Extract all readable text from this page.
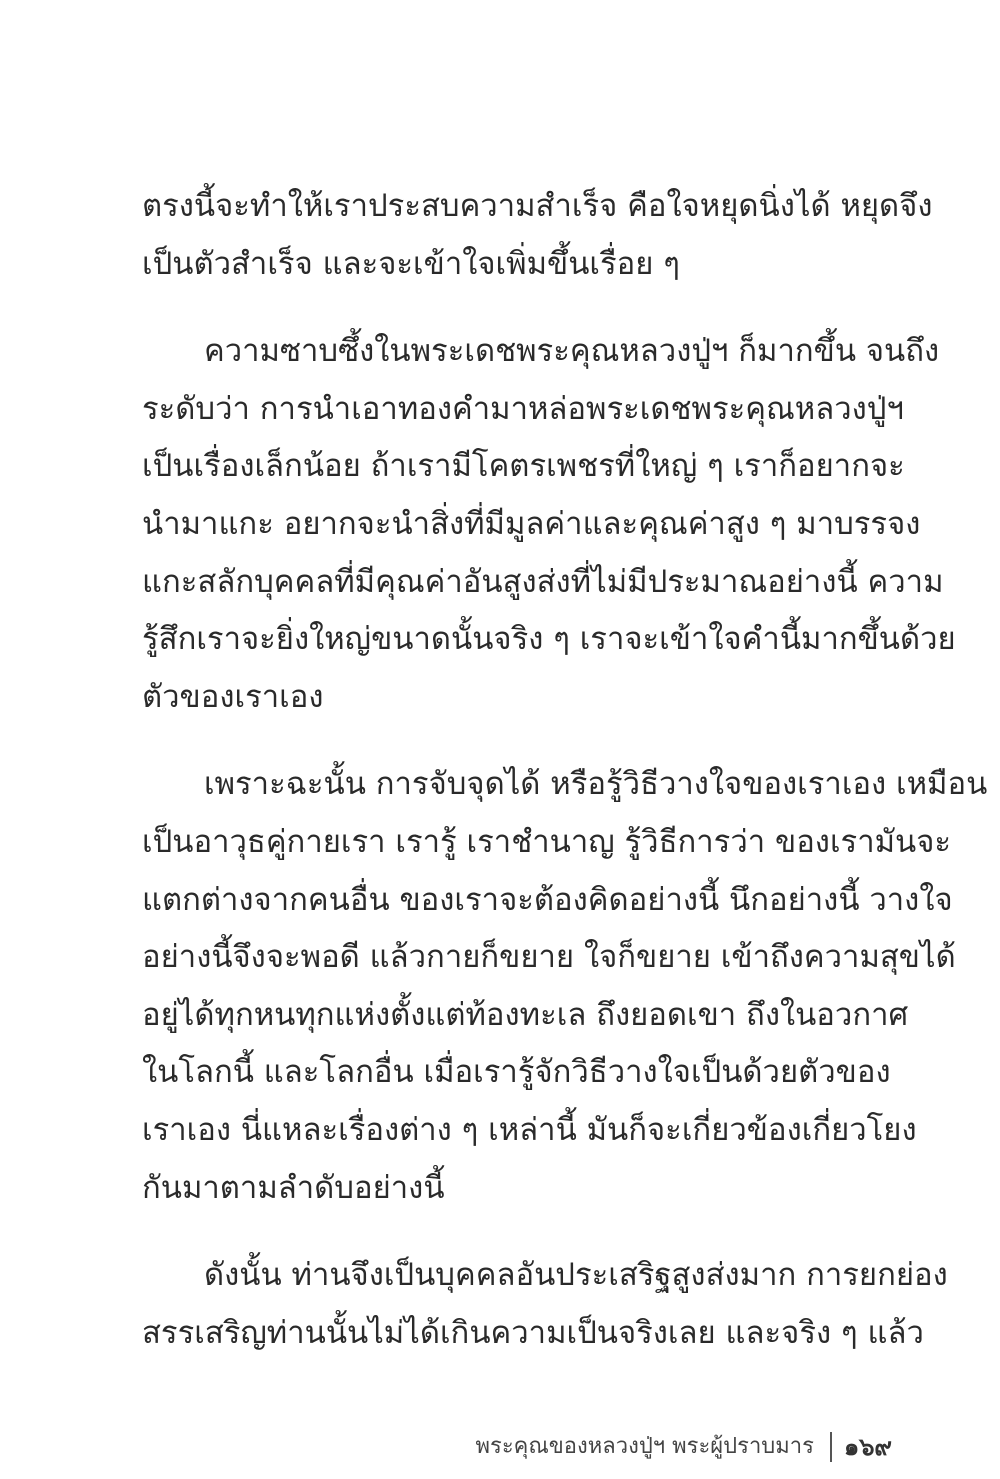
ตรงนี้จะทำให้เราประสบความสำเร็จ คือใจหยุดนิ่งได้ หยุดจึง
เป็นตัวสำเร็จ และจะเข้าใจเพิ่มขึ้นเรื่อย ๆ
ความซาบซึ้งในพระเดชพระคุณหลวงปู่ฯ ก็มากขึ้น จนถึง
ระดับว่า การนำเอาทองคำมาหล่อพระเดชพระคุณหลวงปู่ฯ
เป็นเรื่องเล็กน้อย ถ้าเรามีโคตรเพชรที่ใหญ่ ๆ เราก็อยากจะ
นำมาแกะ อยากจะนำสิ่งที่มีมูลค่าและคุณค่าสูง ๆ มาบรรจง
แกะสลักบุคคลที่มีคุณค่าอันสูงส่งที่ไม่มีประมาณอย่างนี้ ความ
รู้สึกเราจะยิ่งใหญ่ขนาดนั้นจริง ๆ เราจะเข้าใจคำนี้มากขึ้นด้วย
ตัวของเราเอง
เพราะฉะนั้น การจับจุดได้ หรือรู้วิธีวางใจของเราเอง เหมือน
เป็นอาวุธคู่กายเรา เรารู้ เราชำนาญ รู้วิธีการว่า ของเรามันจะ
แตกต่างจากคนอื่น ของเราจะต้องคิดอย่างนี้ นึกอย่างนี้ วางใจ
อย่างนี้จึงจะพอดี แล้วกายก็ขยาย ใจก็ขยาย เข้าถึงความสุขได้
อยู่ได้ทุกหนทุกแห่งตั้งแต่ท้องทะเล ถึงยอดเขา ถึงในอวกาศ
ในโลกนี้ และโลกอื่น เมื่อเรารู้จักวิธีวางใจเป็นด้วยตัวของ
เราเอง นี่แหละเรื่องต่าง ๆ เหล่านี้ มันก็จะเกี่ยวข้องเกี่ยวโยง
กันมาตามลำดับอย่างนี้
ดังนั้น ท่านจึงเป็นบุคคลอันประเสริฐสูงส่งมาก การยกย่อง
สรรเสริญท่านนั้นไม่ได้เกินความเป็นจริงเลย และจริง ๆ แล้ว
พระคุณของหลวงปู่ฯ พระผู้ปราบมาร ๑๖๙
